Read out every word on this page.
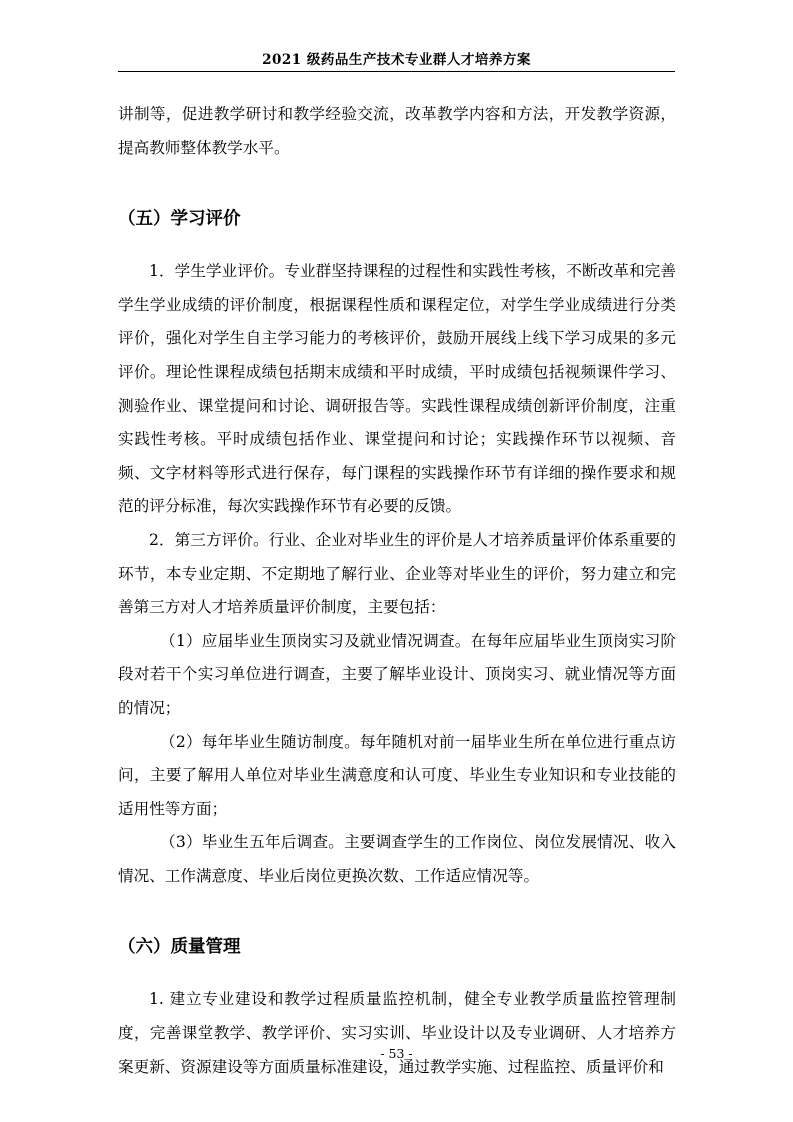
2021 级药品生产技术专业群人才培养方案

讲制等，促进教学研讨和教学经验交流，改革教学内容和方法，开发教学资源，提高教师整体教学水平。

（五）学习评价

1．学生学业评价。专业群坚持课程的过程性和实践性考核，不断改革和完善学生学业成绩的评价制度，根据课程性质和课程定位，对学生学业成绩进行分类评价，强化对学生自主学习能力的考核评价，鼓励开展线上线下学习成果的多元评价。理论性课程成绩包括期末成绩和平时成绩，平时成绩包括视频课件学习、测验作业、课堂提问和讨论、调研报告等。实践性课程成绩创新评价制度，注重实践性考核。平时成绩包括作业、课堂提问和讨论；实践操作环节以视频、音频、文字材料等形式进行保存，每门课程的实践操作环节有详细的操作要求和规范的评分标准，每次实践操作环节有必要的反馈。

2．第三方评价。行业、企业对毕业生的评价是人才培养质量评价体系重要的环节，本专业定期、不定期地了解行业、企业等对毕业生的评价，努力建立和完善第三方对人才培养质量评价制度，主要包括：

（1）应届毕业生顶岗实习及就业情况调查。在每年应届毕业生顶岗实习阶段对若干个实习单位进行调查，主要了解毕业设计、顶岗实习、就业情况等方面的情况；

（2）每年毕业生随访制度。每年随机对前一届毕业生所在单位进行重点访问，主要了解用人单位对毕业生满意度和认可度、毕业生专业知识和专业技能的适用性等方面；

（3）毕业生五年后调查。主要调查学生的工作岗位、岗位发展情况、收入情况、工作满意度、毕业后岗位更换次数、工作适应情况等。

（六）质量管理

1. 建立专业建设和教学过程质量监控机制，健全专业教学质量监控管理制度，完善课堂教学、教学评价、实习实训、毕业设计以及专业调研、人才培养方案更新、资源建设等方面质量标准建设，通过教学实施、过程监控、质量评价和

- 53 -
